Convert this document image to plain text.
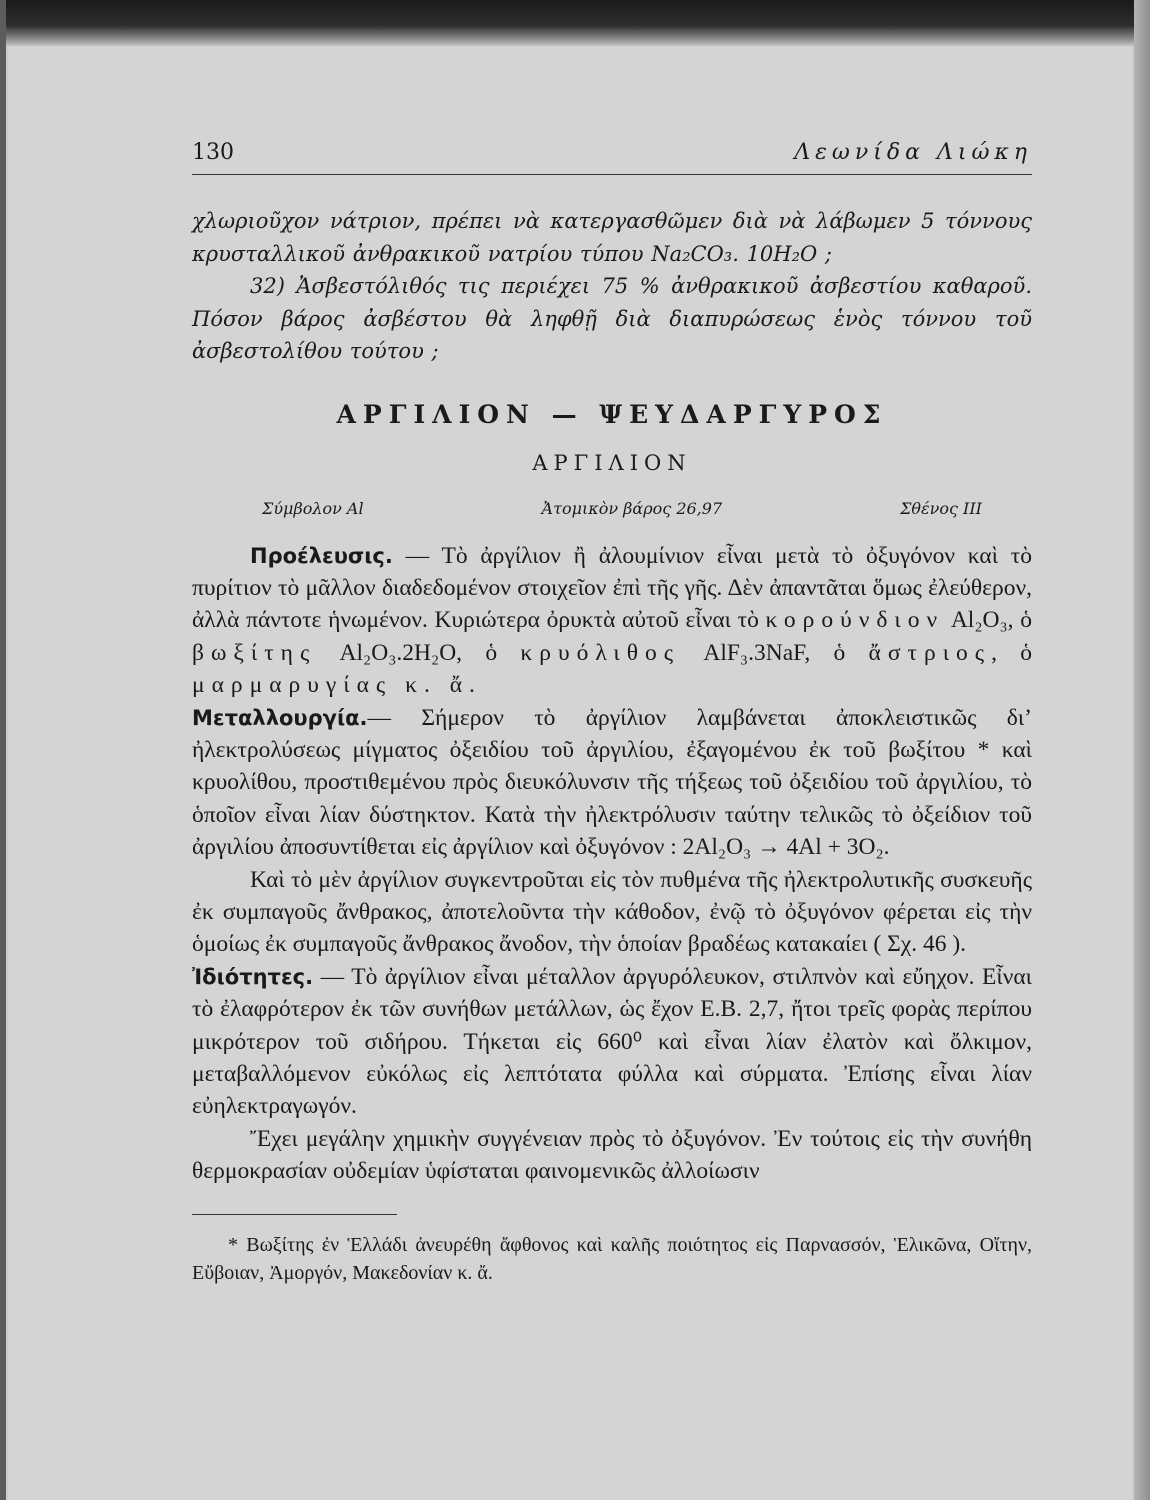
130	Λεωνίδα Λιώκη

χλωριοῦχον νάτριον, πρέπει νὰ κατεργασθῶμεν διὰ νὰ λάβωμεν 5 τόννους κρυσταλλικοῦ ἀνθρακικοῦ νατρίου τύπου Na₂CO₃. 10H₂O ;

32) Ἀσβεστόλιθός τις περιέχει 75 % ἀνθρακικοῦ ἀσβεστίου καθαροῦ. Πόσον βάρος ἀσβέστου θὰ ληφθῇ διὰ διαπυρώσεως ἑνὸς τόννου τοῦ ἀσβεστολίθου τούτου ;

ΑΡΓΙΛΙΟΝ — ΨΕΥΔΑΡΓΥΡΟΣ
ΑΡΓΙΛΙΟΝ
Σύμβολον Al	Ἀτομικὸν βάρος 26,97	Σθένος III

Προέλευσις. — Τὸ ἀργίλιον ἢ ἀλουμίνιον εἶναι μετὰ τὸ ὀξυγόνον καὶ τὸ πυρίτιον τὸ μᾶλλον διαδεδομένον στοιχεῖον ἐπὶ τῆς γῆς. Δὲν ἀπαντᾶται ὅμως ἐλεύθερον, ἀλλὰ πάντοτε ἡνωμένον. Κυριώτερα ὀρυκτὰ αὐτοῦ εἶναι τὸ κορούνδιον Al₂O₃, ὁ βωξίτης Al₂O₃.2H₂O, ὁ κρυόλιθος AlF₃.3NaF, ὁ ἄστριος, ὁ μαρμαρυγίας κ. ἄ.

Μεταλλουργία.— Σήμερον τὸ ἀργίλιον λαμβάνεται ἀποκλειστικῶς δι’ ἠλεκτρολύσεως μίγματος ὀξειδίου τοῦ ἀργιλίου, ἐξαγομένου ἐκ τοῦ βωξίτου * καὶ κρυολίθου, προστιθεμένου πρὸς διευκόλυνσιν τῆς τήξεως τοῦ ὀξειδίου τοῦ ἀργιλίου, τὸ ὁποῖον εἶναι λίαν δύστηκτον. Κατὰ τὴν ἠλεκτρόλυσιν ταύτην τελικῶς τὸ ὀξείδιον τοῦ ἀργιλίου ἀποσυντίθεται εἰς ἀργίλιον καὶ ὀξυγόνον : 2Al₂O₃ → 4Al + 3O₂.

Καὶ τὸ μὲν ἀργίλιον συγκεντροῦται εἰς τὸν πυθμένα τῆς ἠλεκτρολυτικῆς συσκευῆς ἐκ συμπαγοῦς ἄνθρακος, ἀποτελοῦντα τὴν κάθοδον, ἐνῷ τὸ ὀξυγόνον φέρεται εἰς τὴν ὁμοίως ἐκ συμπαγοῦς ἄνθρακος ἄνοδον, τὴν ὁποίαν βραδέως κατακαίει ( Σχ. 46 ).

Ἰδιότητες. — Τὸ ἀργίλιον εἶναι μέταλλον ἀργυρόλευκον, στιλπνὸν καὶ εὔηχον. Εἶναι τὸ ἐλαφρότερον ἐκ τῶν συνήθων μετάλλων, ὡς ἔχον Ε.Β. 2,7, ἤτοι τρεῖς φορὰς περίπου μικρότερον τοῦ σιδήρου. Τήκεται εἰς 660⁰ καὶ εἶναι λίαν ἐλατὸν καὶ ὄλκιμον, μεταβαλλόμενον εὐκόλως εἰς λεπτότατα φύλλα καὶ σύρματα. Ἐπίσης εἶναι λίαν εὐηλεκτραγωγόν.

Ἔχει μεγάλην χημικὴν συγγένειαν πρὸς τὸ ὀξυγόνον. Ἐν τούτοις εἰς τὴν συνήθη θερμοκρασίαν οὐδεμίαν ὑφίσταται φαινομενικῶς ἀλλοίωσιν

* Βωξίτης ἐν Ἑλλάδι ἀνευρέθη ἄφθονος καὶ καλῆς ποιότητος εἰς Παρνασσόν, Ἑλικῶνα, Οἴτην, Εὔβοιαν, Ἀμοργόν, Μακεδονίαν κ. ἄ.
